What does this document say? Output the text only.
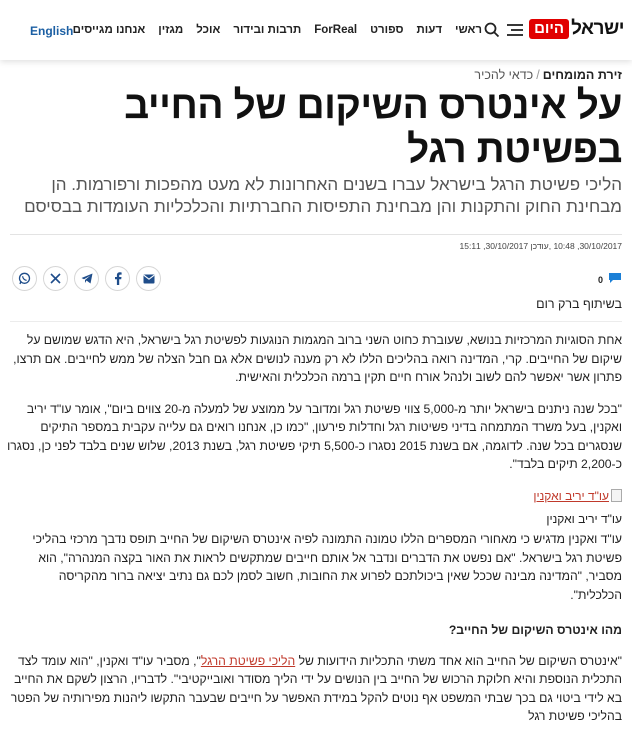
ישראל
היום
ראשי
דעות
ספורט
ForReal
תרבות ובידור
אוכל
מגזין
אנחנו מגייסים
English
זירת המומחים/כדאי להכיר
על אינטרס השיקום של החייב בפשיטת רגל

הליכי פשיטת הרגל בישראל עברו בשנים האחרונות לא מעט מהפכות ורפורמות. הן מבחינת החוק והתקנות והן מבחינת התפיסות החברתיות והכלכליות העומדות בבסיסם

30/10/2017, 10:48 ,עודכן 30/10/2017, 15:11
0
בשיתוף ברק רום

אחת הסוגיות המרכזיות בנושא, שעוברת כחוט השני ברוב המגמות הנוגעות לפשיטת רגל בישראל, היא הדגש שמושם על שיקום של החייבים. קרי, המדינה רואה בהליכים הללו לא רק מענה לנושים אלא גם חבל הצלה של ממש לחייבים. אם תרצו, פתרון אשר יאפשר להם לשוב ולנהל אורח חיים תקין ברמה הכלכלית והאישית.

"בכל שנה ניתנים בישראל יותר מ-5,000 צווי פשיטת רגל ומדובר על ממוצע של למעלה מ-20 צווים ביום", אומר עו"ד יריב ואקנין, בעל משרד המתמחה בדיני פשיטות רגל וחדלות פירעון, "כמו כן, אנחנו רואים גם עלייה עקבית במספר התיקים שנסגרים בכל שנה. לדוגמה, אם בשנת 2015 נסגרו כ-5,500 תיקי פשיטת רגל, בשנת 2013, שלוש שנים בלבד לפני כן, נסגרו כ-2,200 תיקים בלבד".

עו"ד יריב ואקנין
עו"ד יריב ואקנין

עו"ד ואקנין מדגיש כי מאחורי המספרים הללו טמונה התמונה לפיה אינטרס השיקום של החייב תופס נדבך מרכזי בהליכי פשיטת רגל בישראל. "אם נפשט את הדברים ונדבר אל אותם חייבים שמתקשים לראות את האור בקצה המנהרה", הוא מסביר, "המדינה מבינה שככל שאין ביכולתכם לפרוע את החובות, חשוב לסמן לכם גם נתיב יציאה ברור מהקריסה הכלכלית".

מהו אינטרס השיקום של החייב?

"אינטרס השיקום של החייב הוא אחד משתי התכליות הידועות של הליכי פשיטת הרגל", מסביר עו"ד ואקנין, "הוא עומד לצד התכלית הנוספת והיא חלוקת הרכוש של החייב בין הנושים על ידי הליך מסודר ואובייקטיבי". לדבריו, הרצון לשקם את החייב בא לידי ביטוי גם בכך שבתי המשפט אף נוטים להקל במידת האפשר על חייבים שבעבר התקשו ליהנות מפירותיה של הפטר בהליכי פשיטת רגל
